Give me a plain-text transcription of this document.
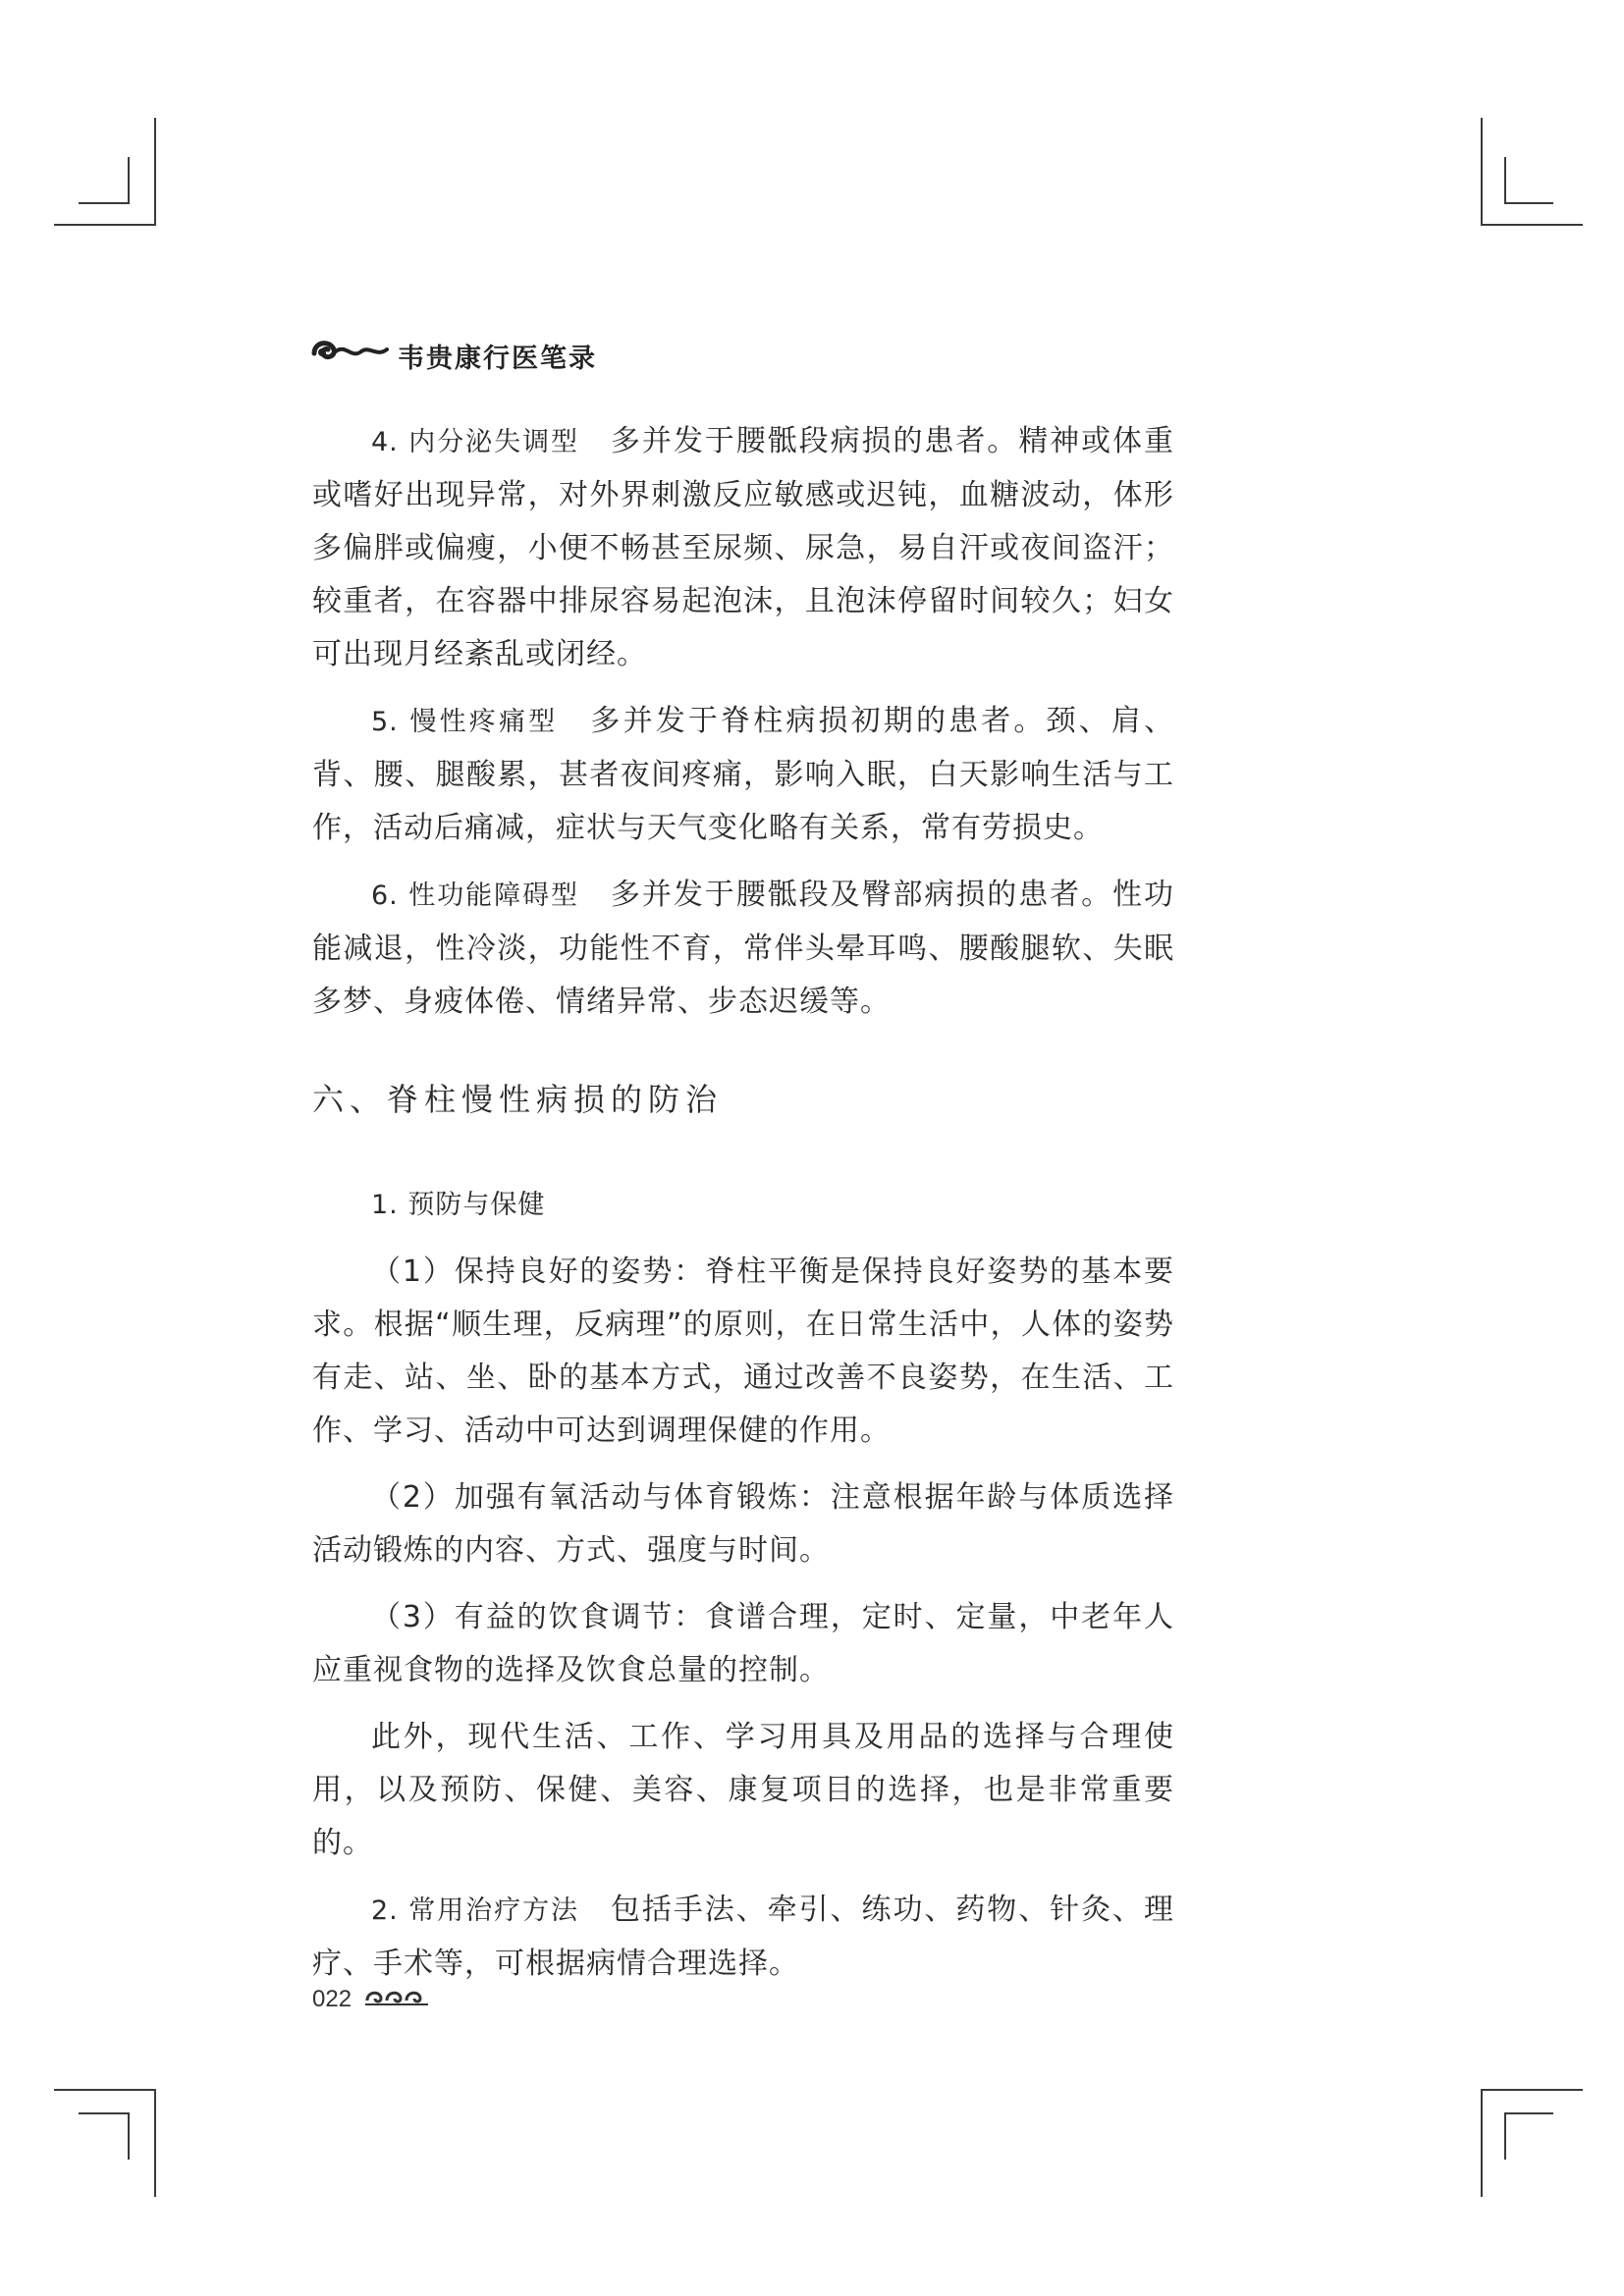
韦贵康行医笔录

4. 内分泌失调型　 多并发于腰骶段病损的患者。精神或体重或嗜好出现异常，对外界刺激反应敏感或迟钝，血糖波动，体形多偏胖或偏瘦，小便不畅甚至尿频、尿急，易自汗或夜间盗汗；较重者，在容器中排尿容易起泡沫，且泡沫停留时间较久；妇女可出现月经紊乱或闭经。

5. 慢性疼痛型　 多并发于脊柱病损初期的患者。颈、肩、背、腰、腿酸累，甚者夜间疼痛，影响入眠，白天影响生活与工作，活动后痛减，症状与天气变化略有关系，常有劳损史。

6. 性功能障碍型　 多并发于腰骶段及臀部病损的患者。性功能减退，性冷淡，功能性不育，常伴头晕耳鸣、腰酸腿软、失眠多梦、身疲体倦、情绪异常、步态迟缓等。

六、脊柱慢性病损的防治

1. 预防与保健

（1）保持良好的姿势：脊柱平衡是保持良好姿势的基本要求。根据“顺生理，反病理”的原则，在日常生活中，人体的姿势有走、站、坐、卧的基本方式，通过改善不良姿势，在生活、工作、学习、活动中可达到调理保健的作用。

（2）加强有氧活动与体育锻炼：注意根据年龄与体质选择活动锻炼的内容、方式、强度与时间。

（3）有益的饮食调节：食谱合理，定时、定量，中老年人应重视食物的选择及饮食总量的控制。

此外，现代生活、工作、学习用具及用品的选择与合理使用，以及预防、保健、美容、康复项目的选择，也是非常重要的。

2. 常用治疗方法　 包括手法、牵引、练功、药物、针灸、理疗、手术等，可根据病情合理选择。

022
